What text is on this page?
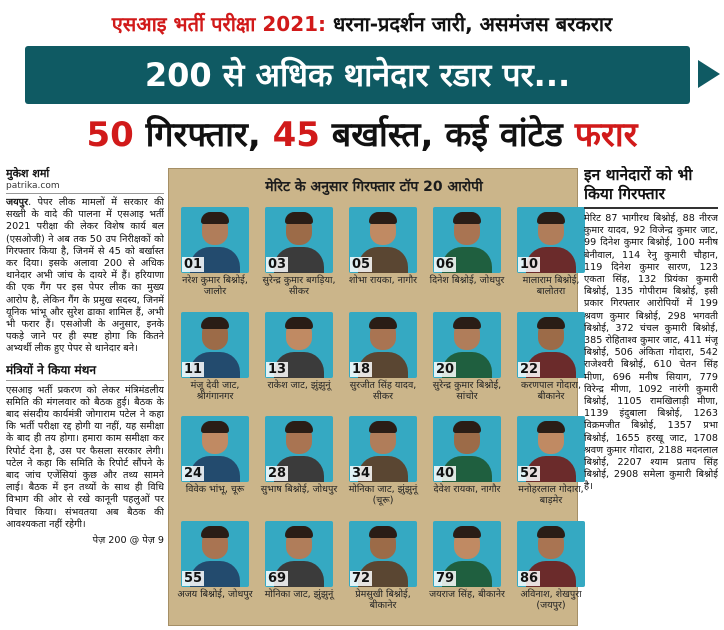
एसआइ भर्ती परीक्षा 2021: धरना-प्रदर्शन जारी, असमंजस बरकरार
200 से अधिक थानेदार रडार पर...
50 गिरफ्तार, 45 बर्खास्त, कई वांटेड फरार
मुकेश शर्मा
patrika.com
जयपुर. पेपर लीक मामलों में सरकार की सख्ती के वादे की पालना में एसआइ भर्ती 2021 परीक्षा की लेकर विशेष कार्य बल (एसओजी) ने अब तक 50 उप निरीक्षकों को गिरफ्तार किया है, जिनमें से 45 को बर्खास्त कर दिया। इसके अलावा 200 से अधिक थानेदार अभी जांच के दायरे में हैं। हरियाणा की एक गैंग पर इस पेपर लीक का मुख्य आरोप है, लेकिन गैंग के प्रमुख सदस्य, जिनमें यूनिक भांभू और सुरेश ढाका शामिल हैं, अभी भी फरार हैं। एसओजी के अनुसार, इनके पकड़े जाने पर ही स्पष्ट होगा कि कितने अभ्यर्थी लीक हुए पेपर से थानेदार बने।
मंत्रियों ने किया मंथन
एसआइ भर्ती प्रकरण को लेकर मंत्रिमंडलीय समिति की मंगलवार को बैठक हुई। बैठक के बाद संसदीय कार्यमंत्री जोगाराम पटेल ने कहा कि भर्ती परीक्षा रद्द होगी या नहीं, यह समीक्षा के बाद ही तय होगा। हमारा काम समीक्षा कर रिपोर्ट देना है, उस पर फैसला सरकार लेगी। पटेल ने कहा कि समिति के रिपोर्ट सौंपने के बाद जांच एजेंसियां कुछ और तथ्य सामने लाई। बैठक में इन तथ्यों के साथ ही विधि विभाग की ओर से रखे कानूनी पहलुओं पर विचार किया। संभवतया अब बैठक की आवश्यकता नहीं रहेगी।
पेज़ 200 @ पेज़ 9
मेरिट के अनुसार गिरफ्तार टॉप 20 आरोपी
01
नरेश कुमार बिश्नोई, जालोर
03
सुरेन्द्र कुमार बगड़िया, सीकर
05
शोभा रायका, नागौर
06
दिनेश बिश्नोई, जोधपुर
10
मालाराम बिश्नोई, बालोतरा
11
मंजू देवी जाट, श्रीगंगानगर
13
राकेश जाट, झुंझुनूं
18
सुरजीत सिंह यादव, सीकर
20
सुरेन्द्र कुमार बिश्नोई, सांचोर
22
करणपाल गोदारा, बीकानेर
24
विवेक भांभू, चूरू
28
सुभाष बिश्नोई, जोधपुर
34
मोनिका जाट, झुंझुनूं (चूरू)
40
देवेश रायका, नागौर
52
मनोहरलाल गोदारा, बाड़मेर
55
अजय बिश्नोई, जोधपुर
69
मोनिका जाट, झुंझुनूं
72
प्रेमसुखी बिश्नोई, बीकानेर
79
जयराज सिंह, बीकानेर
86
अविनाश, शेखपुरा (जयपुर)
इन थानेदारों को भी किया गिरफ्तार
मेरिट 87 भागीरथ बिश्नोई, 88 नीरज कुमार यादव, 92 विजेन्द्र कुमार जाट, 99 दिनेश कुमार बिश्नोई, 100 मनीष बेनीवाल, 114 रेनु कुमारी चौहान, 119 दिनेश कुमार सारण, 123 एकता सिंह, 132 प्रियंका कुमारी बिश्नोई, 135 गोपीराम बिश्नोई, इसी प्रकार गिरफ्तार आरोपियों में 199 श्रवण कुमार बिश्नोई, 298 भगवती बिश्नोई, 372 चंचल कुमारी बिश्नोई, 385 रोहिताश्व कुमार जाट, 411 मंजू बिश्नोई, 506 अंकिता गोदारा, 542 राजेश्वरी बिश्नोई, 610 चेतन सिंह मीणा, 696 मनीष सियाग, 779 विरेन्द्र मीणा, 1092 नारंगी कुमारी बिश्नोई, 1105 रामखिलाड़ी मीणा, 1139 इंदुबाला बिश्नोई, 1263 विक्रमजीत बिश्नोई, 1357 प्रभा बिश्नोई, 1655 हरखू जाट, 1708 श्रवण कुमार गोदारा, 2188 मदनलाल बिश्नोई, 2207 श्याम प्रताप सिंह बिश्नोई, 2908 समेला कुमारी बिश्नोई है।
